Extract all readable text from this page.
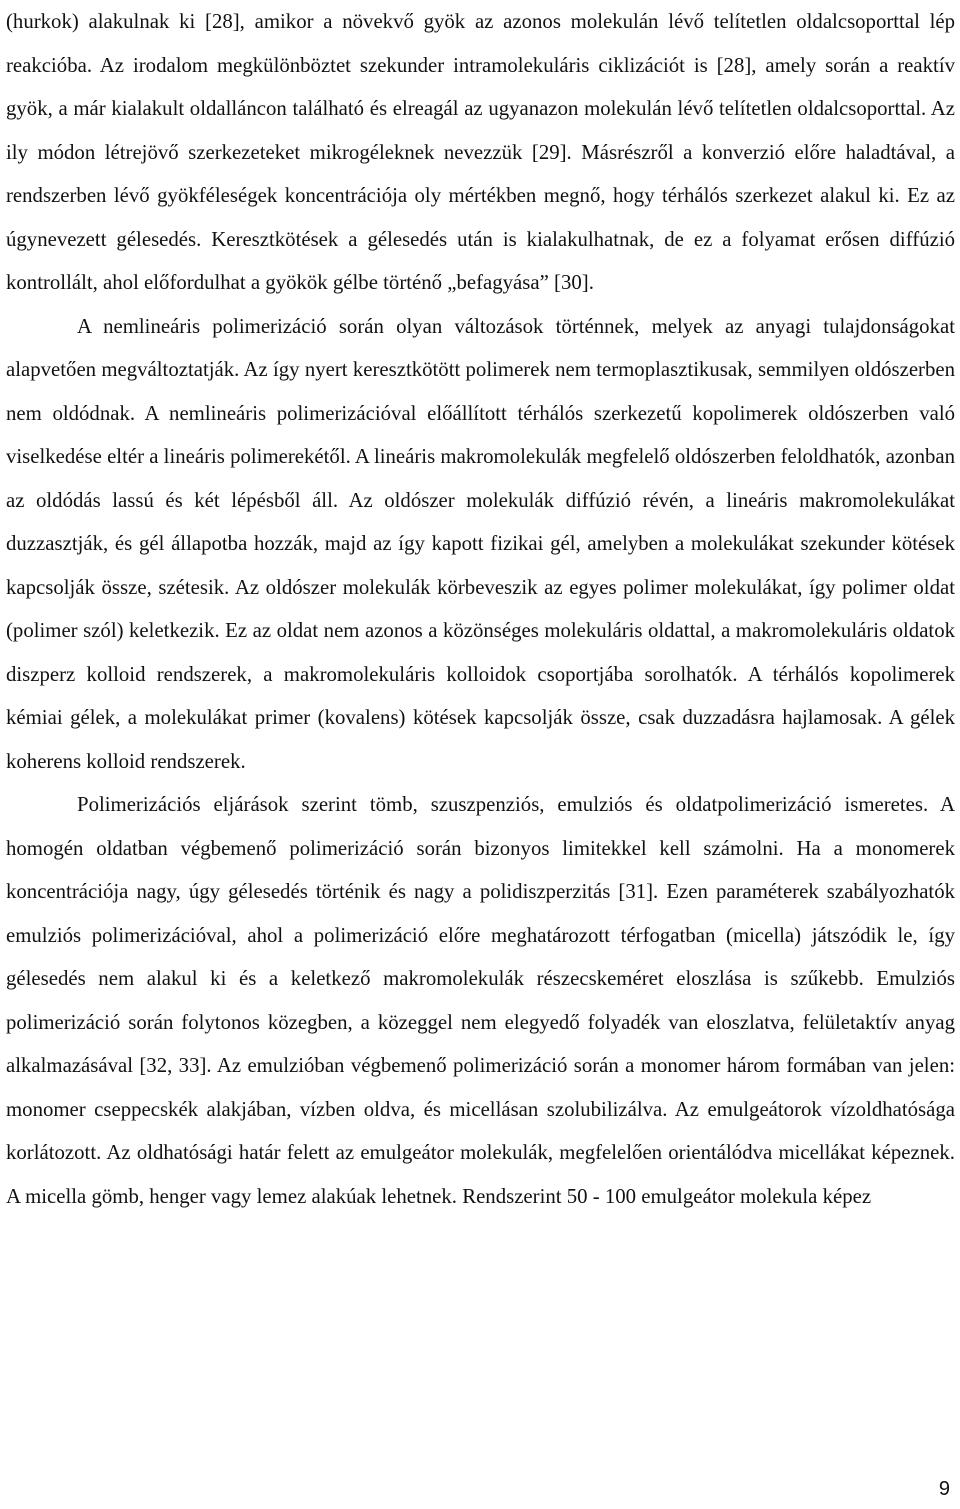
(hurkok) alakulnak ki [28], amikor a növekvő gyök az azonos molekulán lévő telítetlen oldalcsoporttal lép reakcióba. Az irodalom megkülönböztet szekunder intramolekuláris ciklizációt is [28], amely során a reaktív gyök, a már kialakult oldalláncon található és elreagál az ugyanazon molekulán lévő telítetlen oldalcsoporttal. Az ily módon létrejövő szerkezeteket mikrogéleknek nevezzük [29]. Másrészről a konverzió előre haladtával, a rendszerben lévő gyökféleségek koncentrációja oly mértékben megnő, hogy térhálós szerkezet alakul ki. Ez az úgynevezett gélesedés. Keresztkötések a gélesedés után is kialakulhatnak, de ez a folyamat erősen diffúzió kontrollált, ahol előfordulhat a gyökök gélbe történő „befagyása” [30].

A nemlineáris polimerizáció során olyan változások történnek, melyek az anyagi tulajdonságokat alapvetően megváltoztatják. Az így nyert keresztkötött polimerek nem termoplasztikusak, semmilyen oldószerben nem oldódnak. A nemlineáris polimerizációval előállított térhálós szerkezetű kopolimerek oldószerben való viselkedése eltér a lineáris polimerekétől. A lineáris makromolekulák megfelelő oldószerben feloldhatók, azonban az oldódás lassú és két lépésből áll. Az oldószer molekulák diffúzió révén, a lineáris makromolekulákat duzzasztják, és gél állapotba hozzák, majd az így kapott fizikai gél, amelyben a molekulákat szekunder kötések kapcsolják össze, szétesik. Az oldószer molekulák körbeveszik az egyes polimer molekulákat, így polimer oldat (polimer szól) keletkezik. Ez az oldat nem azonos a közönséges molekuláris oldattal, a makromolekuláris oldatok diszperz kolloid rendszerek, a makromolekuláris kolloidok csoportjába sorolhatók. A térhálós kopolimerek kémiai gélek, a molekulákat primer (kovalens) kötések kapcsolják össze, csak duzzadásra hajlamosak. A gélek koherens kolloid rendszerek.

Polimerizációs eljárások szerint tömb, szuszpenziós, emulziós és oldatpolimerizáció ismeretes. A homogén oldatban végbemenő polimerizáció során bizonyos limitekkel kell számolni. Ha a monomerek koncentrációja nagy, úgy gélesedés történik és nagy a polidiszperzitás [31]. Ezen paraméterek szabályozhatók emulziós polimerizációval, ahol a polimerizáció előre meghatározott térfogatban (micella) játszódik le, így gélesedés nem alakul ki és a keletkező makromolekulák részecskeméret eloszlása is szűkebb. Emulziós polimerizáció során folytonos közegben, a közeggel nem elegyedő folyadék van eloszlatva, felületaktív anyag alkalmazásával [32, 33]. Az emulzióban végbemenő polimerizáció során a monomer három formában van jelen: monomer cseppecskék alakjában, vízben oldva, és micellásan szolubilizálva. Az emulgeátorok vízoldhatósága korlátozott. Az oldhatósági határ felett az emulgeátor molekulák, megfelelően orientálódva micellákat képeznek. A micella gömb, henger vagy lemez alakúak lehetnek. Rendszerint 50 - 100 emulgeátor molekula képez

9
